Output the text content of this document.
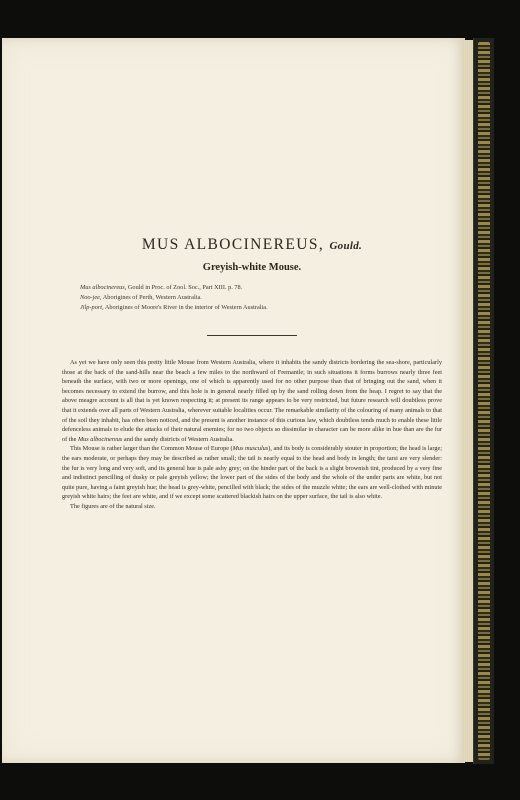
MUS ALBOCINEREUS, Gould.
Greyish-white Mouse.
Mus albocinereus, Gould in Proc. of Zool. Soc., Part XIII. p. 78.
Noo-jee, Aborigines of Perth, Western Australia.
Jilp-port, Aborigines of Moore's River in the interior of Western Australia.

As yet we have only seen this pretty little Mouse from Western Australia, where it inhabits the sandy districts bordering the sea-shore, particularly those at the back of the sand-hills near the beach a few miles to the northward of Fremantle; in such situations it forms burrows nearly three feet beneath the surface, with two or more openings, one of which is apparently used for no other purpose than that of bringing out the sand, when it becomes necessary to extend the burrow, and this hole is in general nearly filled up by the sand rolling down from the heap. I regret to say that the above meagre account is all that is yet known respecting it; at present its range appears to be very restricted, but future research will doubtless prove that it extends over all parts of Western Australia, wherever suitable localities occur. The remarkable similarity of the colouring of many animals to that of the soil they inhabit, has often been noticed, and the present is another instance of this curious law, which doubtless tends much to enable these little defenceless animals to elude the attacks of their natural enemies; for no two objects so dissimilar in character can be more alike in hue than are the fur of the Mus albocinereus and the sandy districts of Western Australia.

This Mouse is rather larger than the Common Mouse of Europe (Mus musculus), and its body is considerably stouter in proportion; the head is large; the ears moderate, or perhaps they may be described as rather small; the tail is nearly equal to the head and body in length; the tarsi are very slender: the fur is very long and very soft, and its general hue is pale ashy grey; on the hinder part of the back is a slight brownish tint, produced by a very fine and indistinct pencilling of dusky or pale greyish yellow; the lower part of the sides of the body and the whole of the under parts are white, but not quite pure, having a faint greyish hue; the head is grey-white, pencilled with black; the sides of the muzzle white; the ears are well-clothed with minute greyish white hairs; the feet are white, and if we except some scattered blackish hairs on the upper surface, the tail is also white.

The figures are of the natural size.
